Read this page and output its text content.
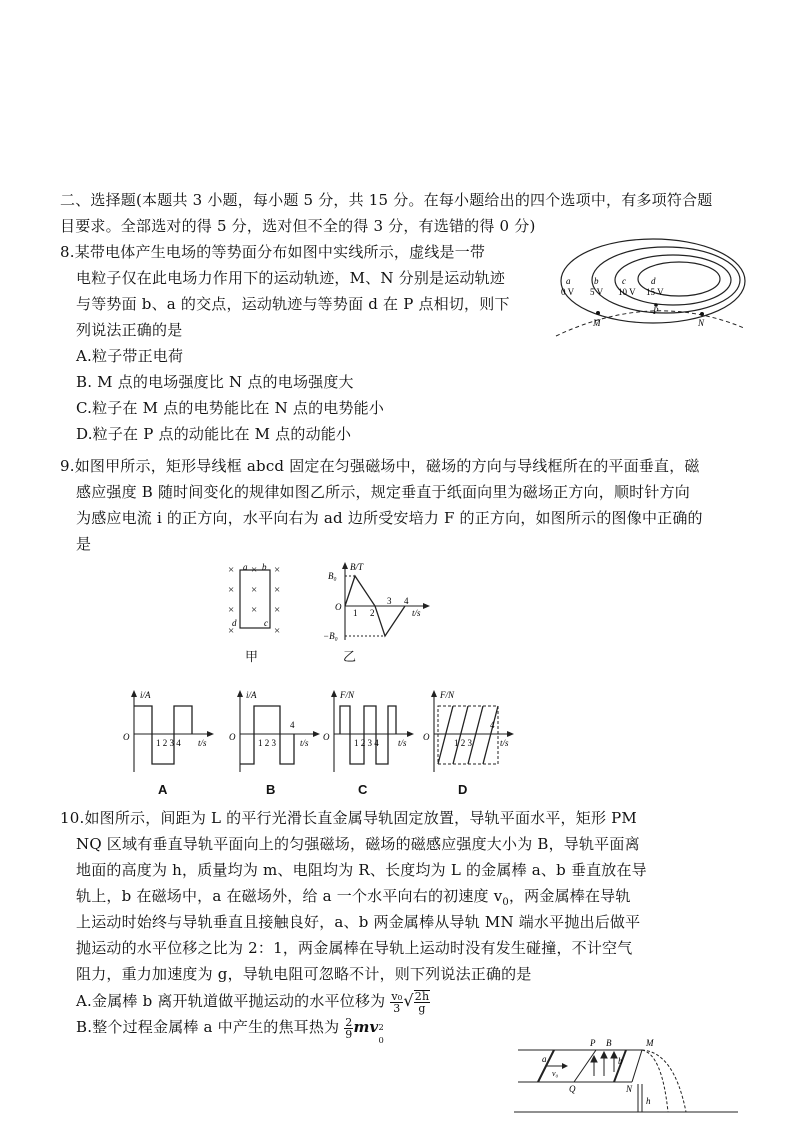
二、选择题(本题共 3 小题，每小题 5 分，共 15 分。在每小题给出的四个选项中，有多项符合题
目要求。全部选对的得 5 分，选对但不全的得 3 分，有选错的得 0 分)
8.某带电体产生电场的等势面分布如图中实线所示，虚线是一带
电粒子仅在此电场力作用下的运动轨迹，M、N 分别是运动轨迹
与等势面 b、a 的交点，运动轨迹与等势面 d 在 P 点相切，则下
列说法正确的是
A.粒子带正电荷
B. M 点的电场强度比 N 点的电场强度大
C.粒子在 M 点的电势能比在 N 点的电势能小
D.粒子在 P 点的动能比在 M 点的动能小
a
0 V
b
5 V
c
10 V
d
15 V
M	N
P
9.如图甲所示，矩形导线框 abcd 固定在匀强磁场中，磁场的方向与导线框所在的平面垂直，磁
感应强度 B 随时间变化的规律如图乙所示，规定垂直于纸面向里为磁场正方向，顺时针方向
为感应电流 i 的正方向，水平向右为 ad 边所受安培力 F 的正方向，如图所示的图像中正确的
是
×	×
× × ×
× × ×
×
×
×
a b
c
d
甲
B/T
B₀
−B₀
O
1 2
3 4
t/s
乙
i/A
O
1 2 3 4 t/s
A
i/A
O
1 2 3
4
t/s
B
F/N
O
1 2 3 4 t/s
C
F/N
O
1 2 3
4
t/s
D
10.如图所示，间距为 L 的平行光滑长直金属导轨固定放置，导轨平面水平，矩形 PM
NQ 区域有垂直导轨平面向上的匀强磁场，磁场的磁感应强度大小为 B，导轨平面离
地面的高度为 h，质量均为 m、电阻均为 R、长度均为 L 的金属棒 a、b 垂直放在导
轨上，b 在磁场中，a 在磁场外，给 a 一个水平向右的初速度 $v_0$，两金属棒在导轨
上运动时始终与导轨垂直且接触良好，a、b 两金属棒从导轨 MN 端水平抛出后做平
抛运动的水平位移之比为 2：1，两金属棒在导轨上运动时没有发生碰撞，不计空气
阻力，重力加速度为 g，导轨电阻可忽略不计，则下列说法正确的是
A.金属棒 b 离开轨道做平抛运动的水平位移为 $\frac{\text{v₀}}{3}$ √ $\frac{2h}{g}$
B.整个过程金属棒 a 中产生的焦耳热为 $\frac{2}{9}$ mv 2
0	P B	M
N
Q
a	b
v₀
h
